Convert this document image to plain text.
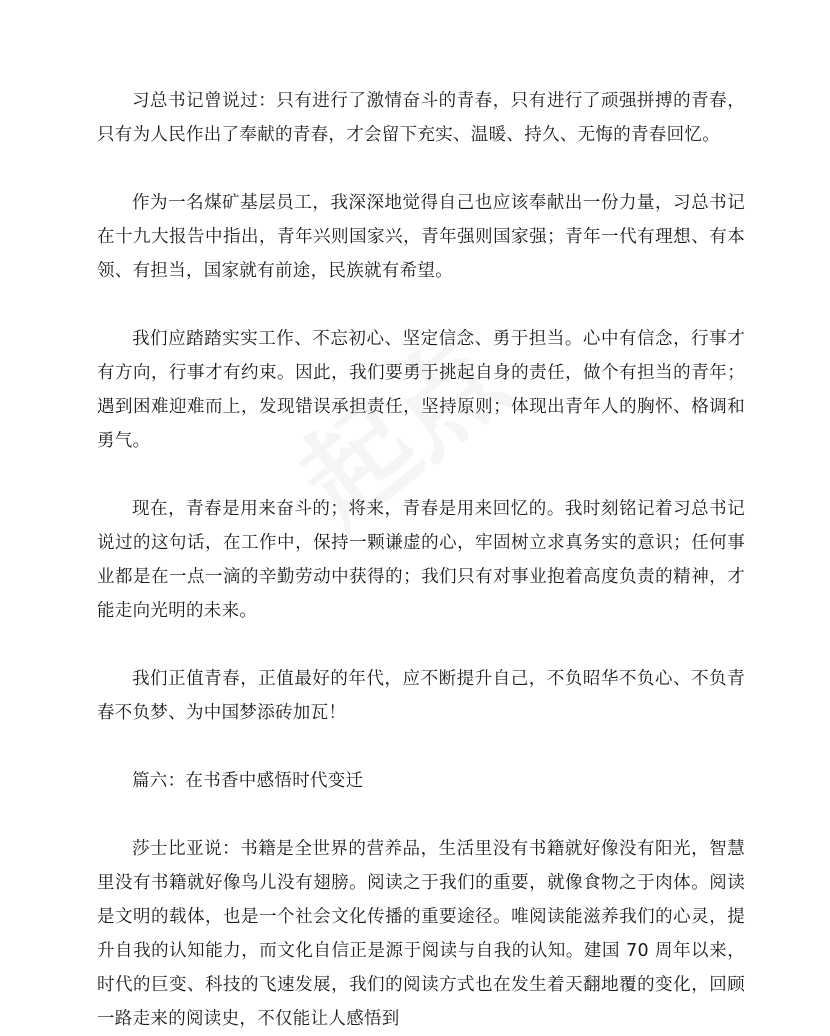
习总书记曾说过：只有进行了激情奋斗的青春，只有进行了顽强拼搏的青春，只有为人民作出了奉献的青春，才会留下充实、温暖、持久、无悔的青春回忆。

作为一名煤矿基层员工，我深深地觉得自己也应该奉献出一份力量，习总书记在十九大报告中指出，青年兴则国家兴，青年强则国家强；青年一代有理想、有本领、有担当，国家就有前途，民族就有希望。

我们应踏踏实实工作、不忘初心、坚定信念、勇于担当。心中有信念，行事才有方向，行事才有约束。因此，我们要勇于挑起自身的责任，做个有担当的青年；遇到困难迎难而上，发现错误承担责任，坚持原则；体现出青年人的胸怀、格调和勇气。

现在，青春是用来奋斗的；将来，青春是用来回忆的。我时刻铭记着习总书记说过的这句话，在工作中，保持一颗谦虚的心，牢固树立求真务实的意识；任何事业都是在一点一滴的辛勤劳动中获得的；我们只有对事业抱着高度负责的精神，才能走向光明的未来。

我们正值青春，正值最好的年代，应不断提升自己，不负昭华不负心、不负青春不负梦、为中国梦添砖加瓦！

篇六：在书香中感悟时代变迁

莎士比亚说：书籍是全世界的营养品，生活里没有书籍就好像没有阳光，智慧里没有书籍就好像鸟儿没有翅膀。阅读之于我们的重要，就像食物之于肉体。阅读是文明的载体，也是一个社会文化传播的重要途径。唯阅读能滋养我们的心灵，提升自我的认知能力，而文化自信正是源于阅读与自我的认知。建国 70 周年以来，时代的巨变、科技的飞速发展，我们的阅读方式也在发生着天翻地覆的变化，回顾一路走来的阅读史，不仅能让人感悟到
